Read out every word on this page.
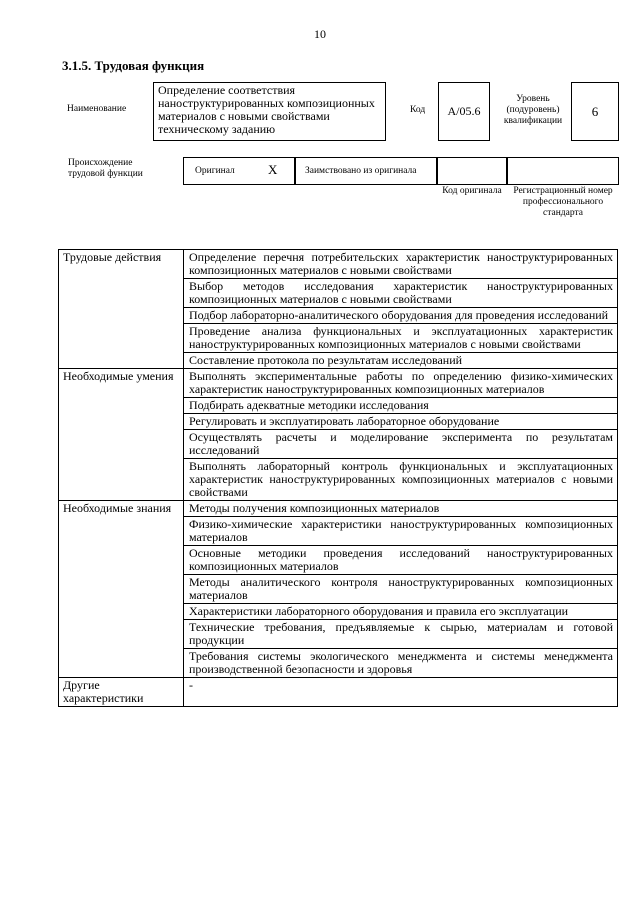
10
3.1.5. Трудовая функция
Наименование
Определение соответствия наноструктурированных композиционных материалов с новыми свойствами техническому заданию
Код	А/05.6
Уровень (подуровень) квалификации
6
Происхождение трудовой функции	Оригинал	X	Заимствовано из оригинала
Код оригинала	Регистрационный номер профессионального стандарта
Трудовые действия	Определение перечня потребительских характеристик наноструктурированных композиционных материалов с новыми свойствами
	Выбор методов исследования характеристик наноструктурированных композиционных материалов с новыми свойствами
	Подбор лабораторно-аналитического оборудования для проведения исследований
	Проведение анализа функциональных и эксплуатационных характеристик наноструктурированных композиционных материалов с новыми свойствами
	Составление протокола по результатам исследований
Необходимые умения	Выполнять экспериментальные работы по определению физико-химических характеристик наноструктурированных композиционных материалов
	Подбирать адекватные методики исследования
	Регулировать и эксплуатировать лабораторное оборудование
	Осуществлять расчеты и моделирование эксперимента по результатам исследований
	Выполнять лабораторный контроль функциональных и эксплуатационных характеристик наноструктурированных композиционных материалов с новыми свойствами
Необходимые знания	Методы получения композиционных материалов
	Физико-химические характеристики наноструктурированных композиционных материалов
	Основные методики проведения исследований наноструктурированных композиционных материалов
	Методы аналитического контроля наноструктурированных композиционных материалов
	Характеристики лабораторного оборудования и правила его эксплуатации
	Технические требования, предъявляемые к сырью, материалам и готовой продукции
	Требования системы экологического менеджмента и системы менеджмента производственной безопасности и здоровья
Другие характеристики	-
